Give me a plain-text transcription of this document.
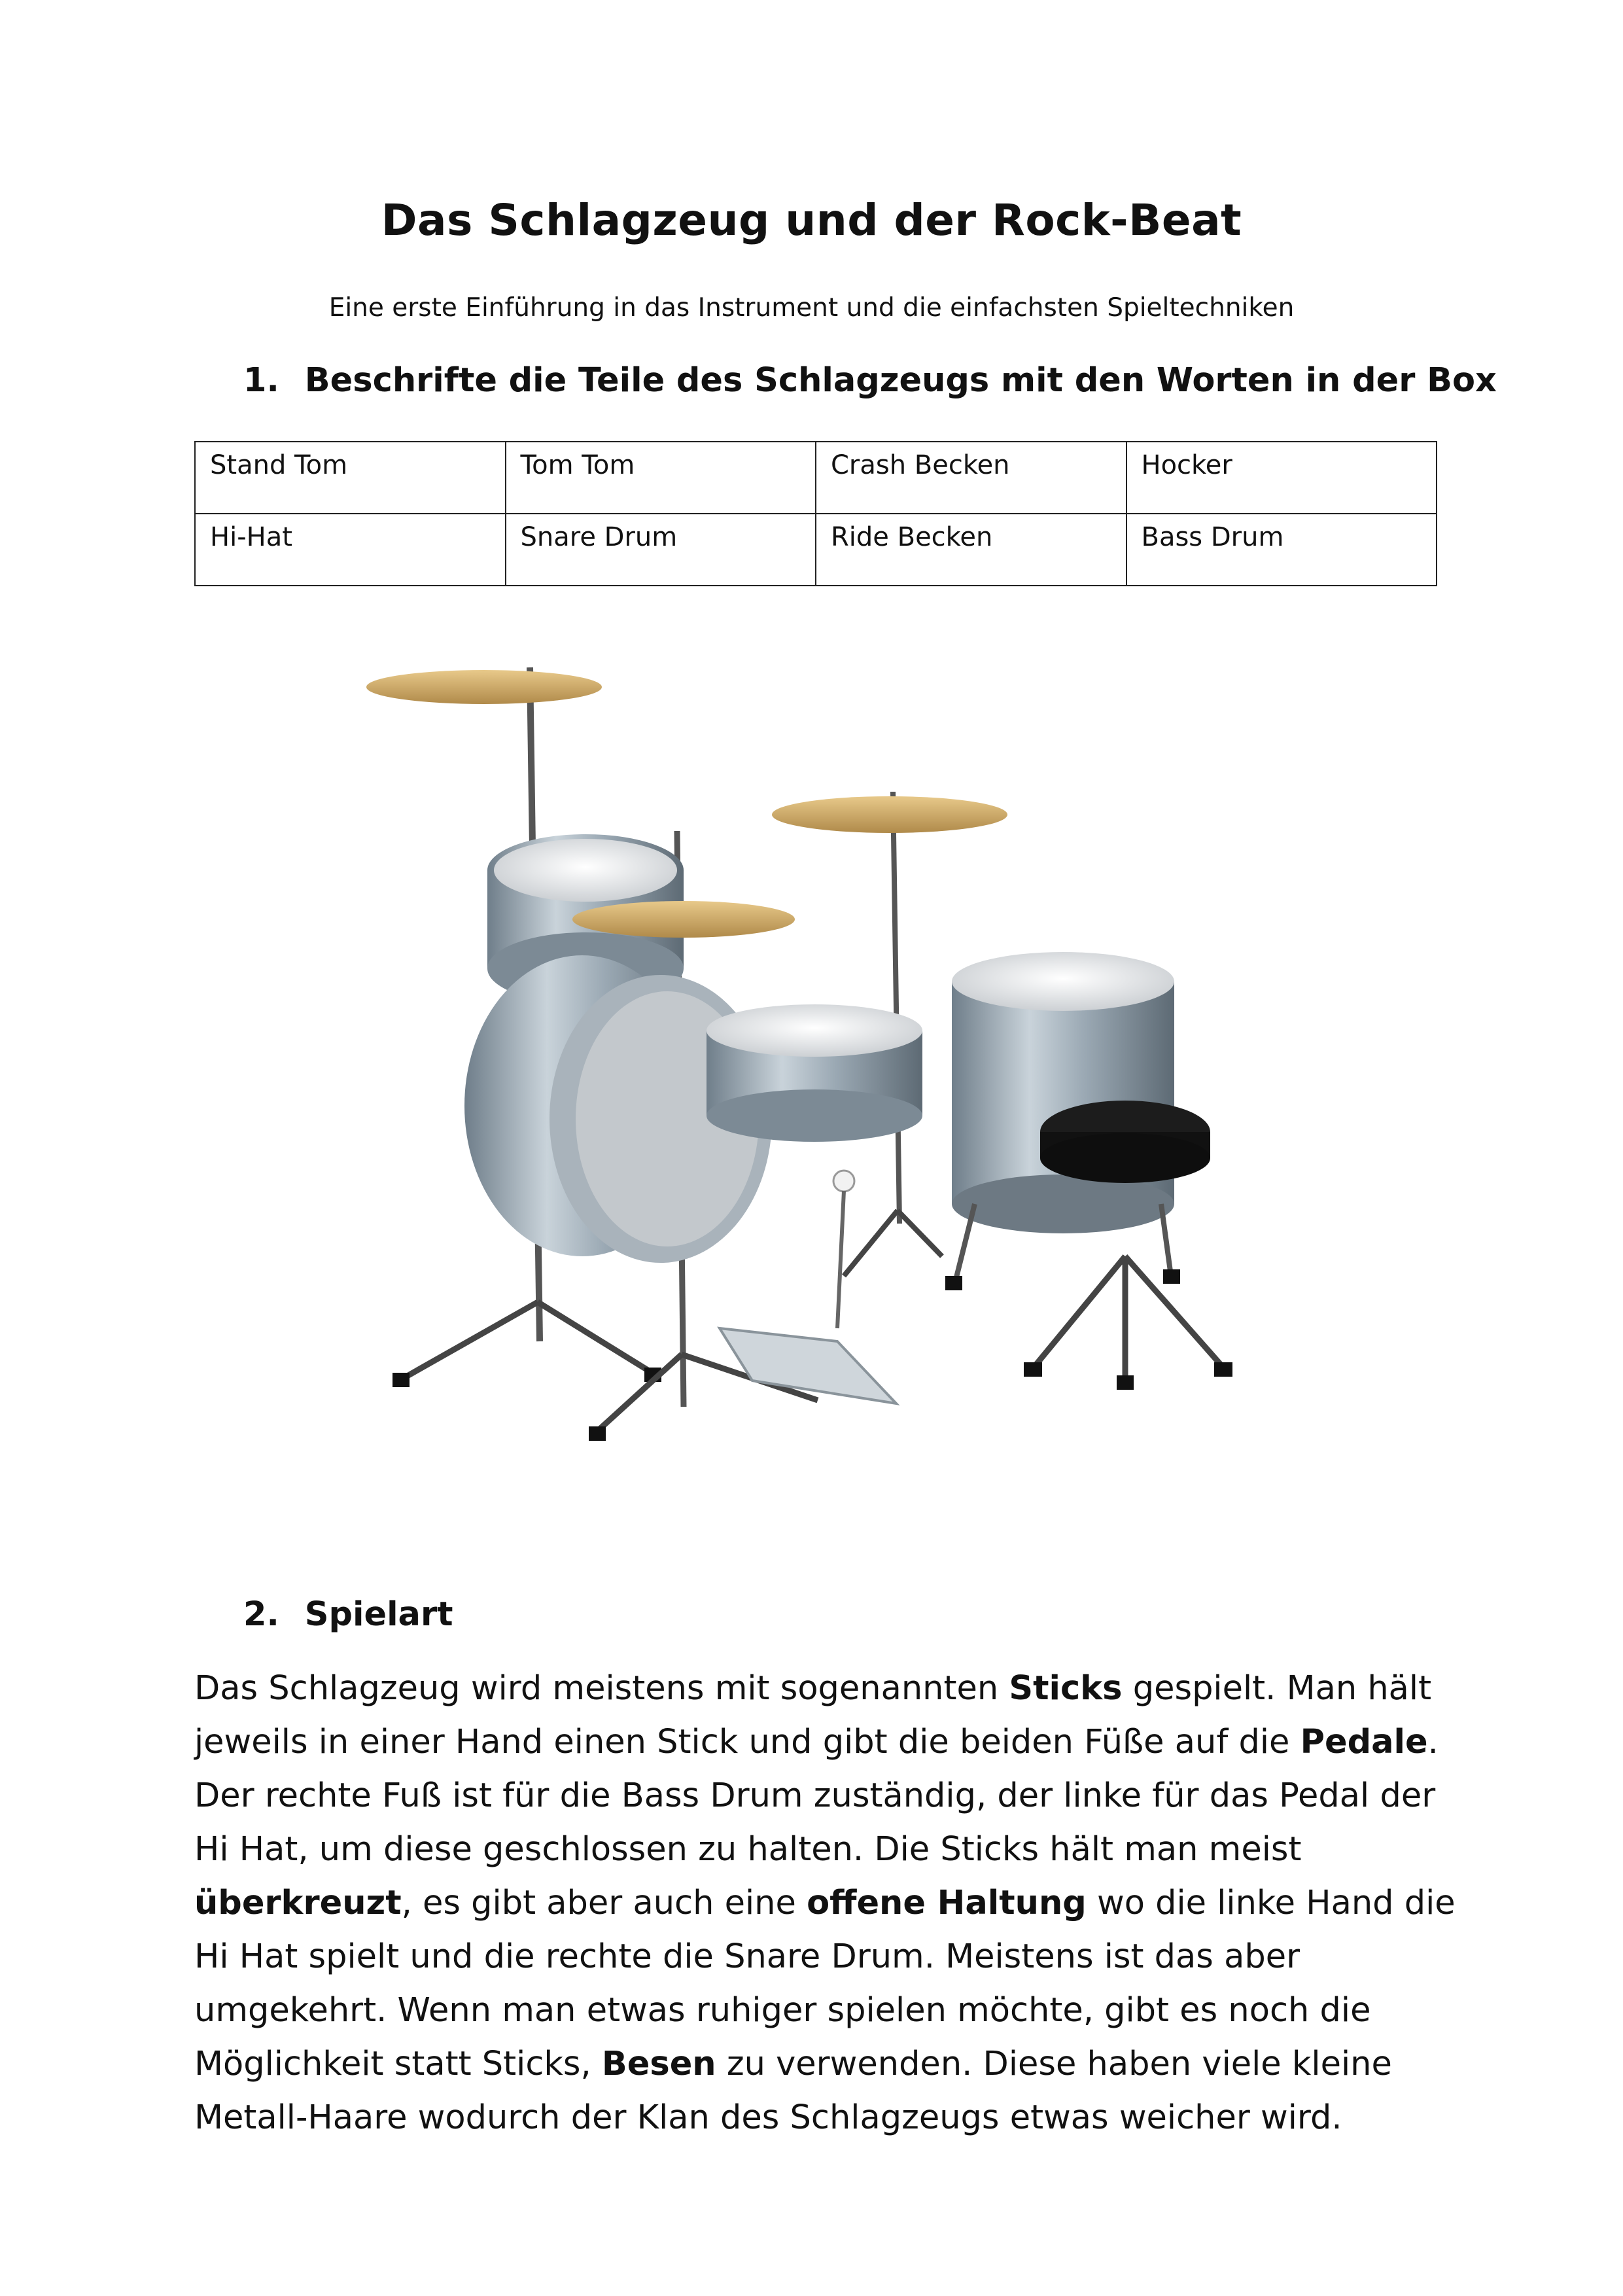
Das Schlagzeug und der Rock-Beat
Eine erste Einführung in das Instrument und die einfachsten Spieltechniken
1. Beschrifte die Teile des Schlagzeugs mit den Worten in der Box
Stand Tom	Tom Tom	Crash Becken	Hocker
Hi-Hat	Snare Drum	Ride Becken	Bass Drum
2. Spielart
Das Schlagzeug wird meistens mit sogenannten Sticks gespielt. Man hält jeweils in einer Hand einen Stick und gibt die beiden Füße auf die Pedale. Der rechte Fuß ist für die Bass Drum zuständig, der linke für das Pedal der Hi Hat, um diese geschlossen zu halten. Die Sticks hält man meist überkreuzt, es gibt aber auch eine offene Haltung wo die linke Hand die Hi Hat spielt und die rechte die Snare Drum. Meistens ist das aber umgekehrt. Wenn man etwas ruhiger spielen möchte, gibt es noch die Möglichkeit statt Sticks, Besen zu verwenden. Diese haben viele kleine Metall-Haare wodurch der Klan des Schlagzeugs etwas weicher wird.
